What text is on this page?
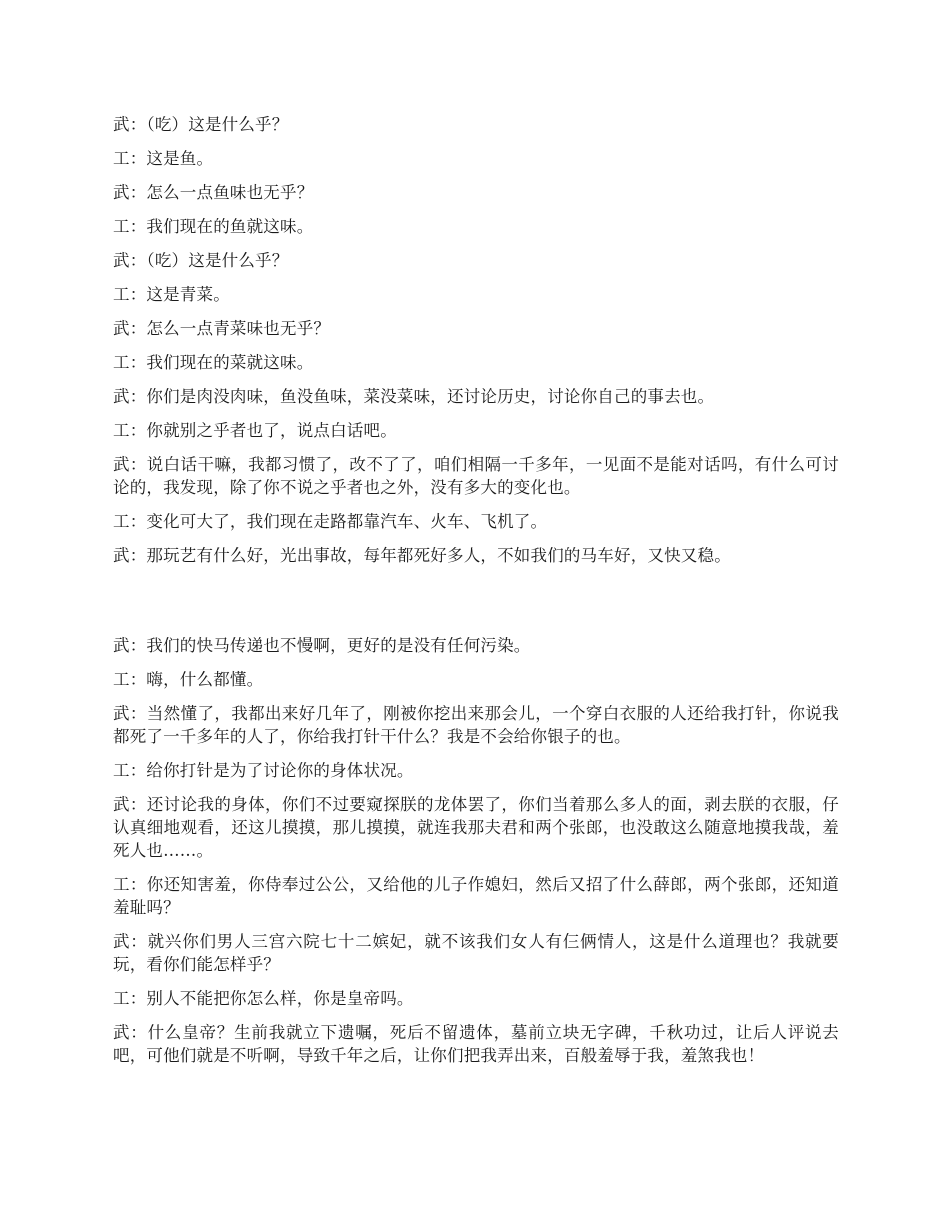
武：（吃）这是什么乎？

工：这是鱼。

武：怎么一点鱼味也无乎？

工：我们现在的鱼就这味。

武：（吃）这是什么乎？

工：这是青菜。

武：怎么一点青菜味也无乎？

工：我们现在的菜就这味。

武：你们是肉没肉味，鱼没鱼味，菜没菜味，还讨论历史，讨论你自己的事去也。

工：你就别之乎者也了，说点白话吧。

武：说白话干嘛，我都习惯了，改不了了，咱们相隔一千多年，一见面不是能对话吗，有什么可讨论的，我发现，除了你不说之乎者也之外，没有多大的变化也。

工：变化可大了，我们现在走路都靠汽车、火车、飞机了。

武：那玩艺有什么好，光出事故，每年都死好多人，不如我们的马车好，又快又稳。

武：我们的快马传递也不慢啊，更好的是没有任何污染。

工：嗨，什么都懂。

武：当然懂了，我都出来好几年了，刚被你挖出来那会儿，一个穿白衣服的人还给我打针，你说我都死了一千多年的人了，你给我打针干什么？我是不会给你银子的也。

工：给你打针是为了讨论你的身体状况。

武：还讨论我的身体，你们不过要窥探朕的龙体罢了，你们当着那么多人的面，剥去朕的衣服，仔认真细地观看，还这儿摸摸，那儿摸摸，就连我那夫君和两个张郎，也没敢这么随意地摸我哉，羞死人也……。

工：你还知害羞，你侍奉过公公，又给他的儿子作媳妇，然后又招了什么薛郎，两个张郎，还知道羞耻吗？

武：就兴你们男人三宫六院七十二嫔妃，就不该我们女人有仨俩情人，这是什么道理也？我就要玩，看你们能怎样乎？

工：别人不能把你怎么样，你是皇帝吗。

武：什么皇帝？生前我就立下遗嘱，死后不留遗体，墓前立块无字碑，千秋功过，让后人评说去吧，可他们就是不听啊，导致千年之后，让你们把我弄出来，百般羞辱于我，羞煞我也！
